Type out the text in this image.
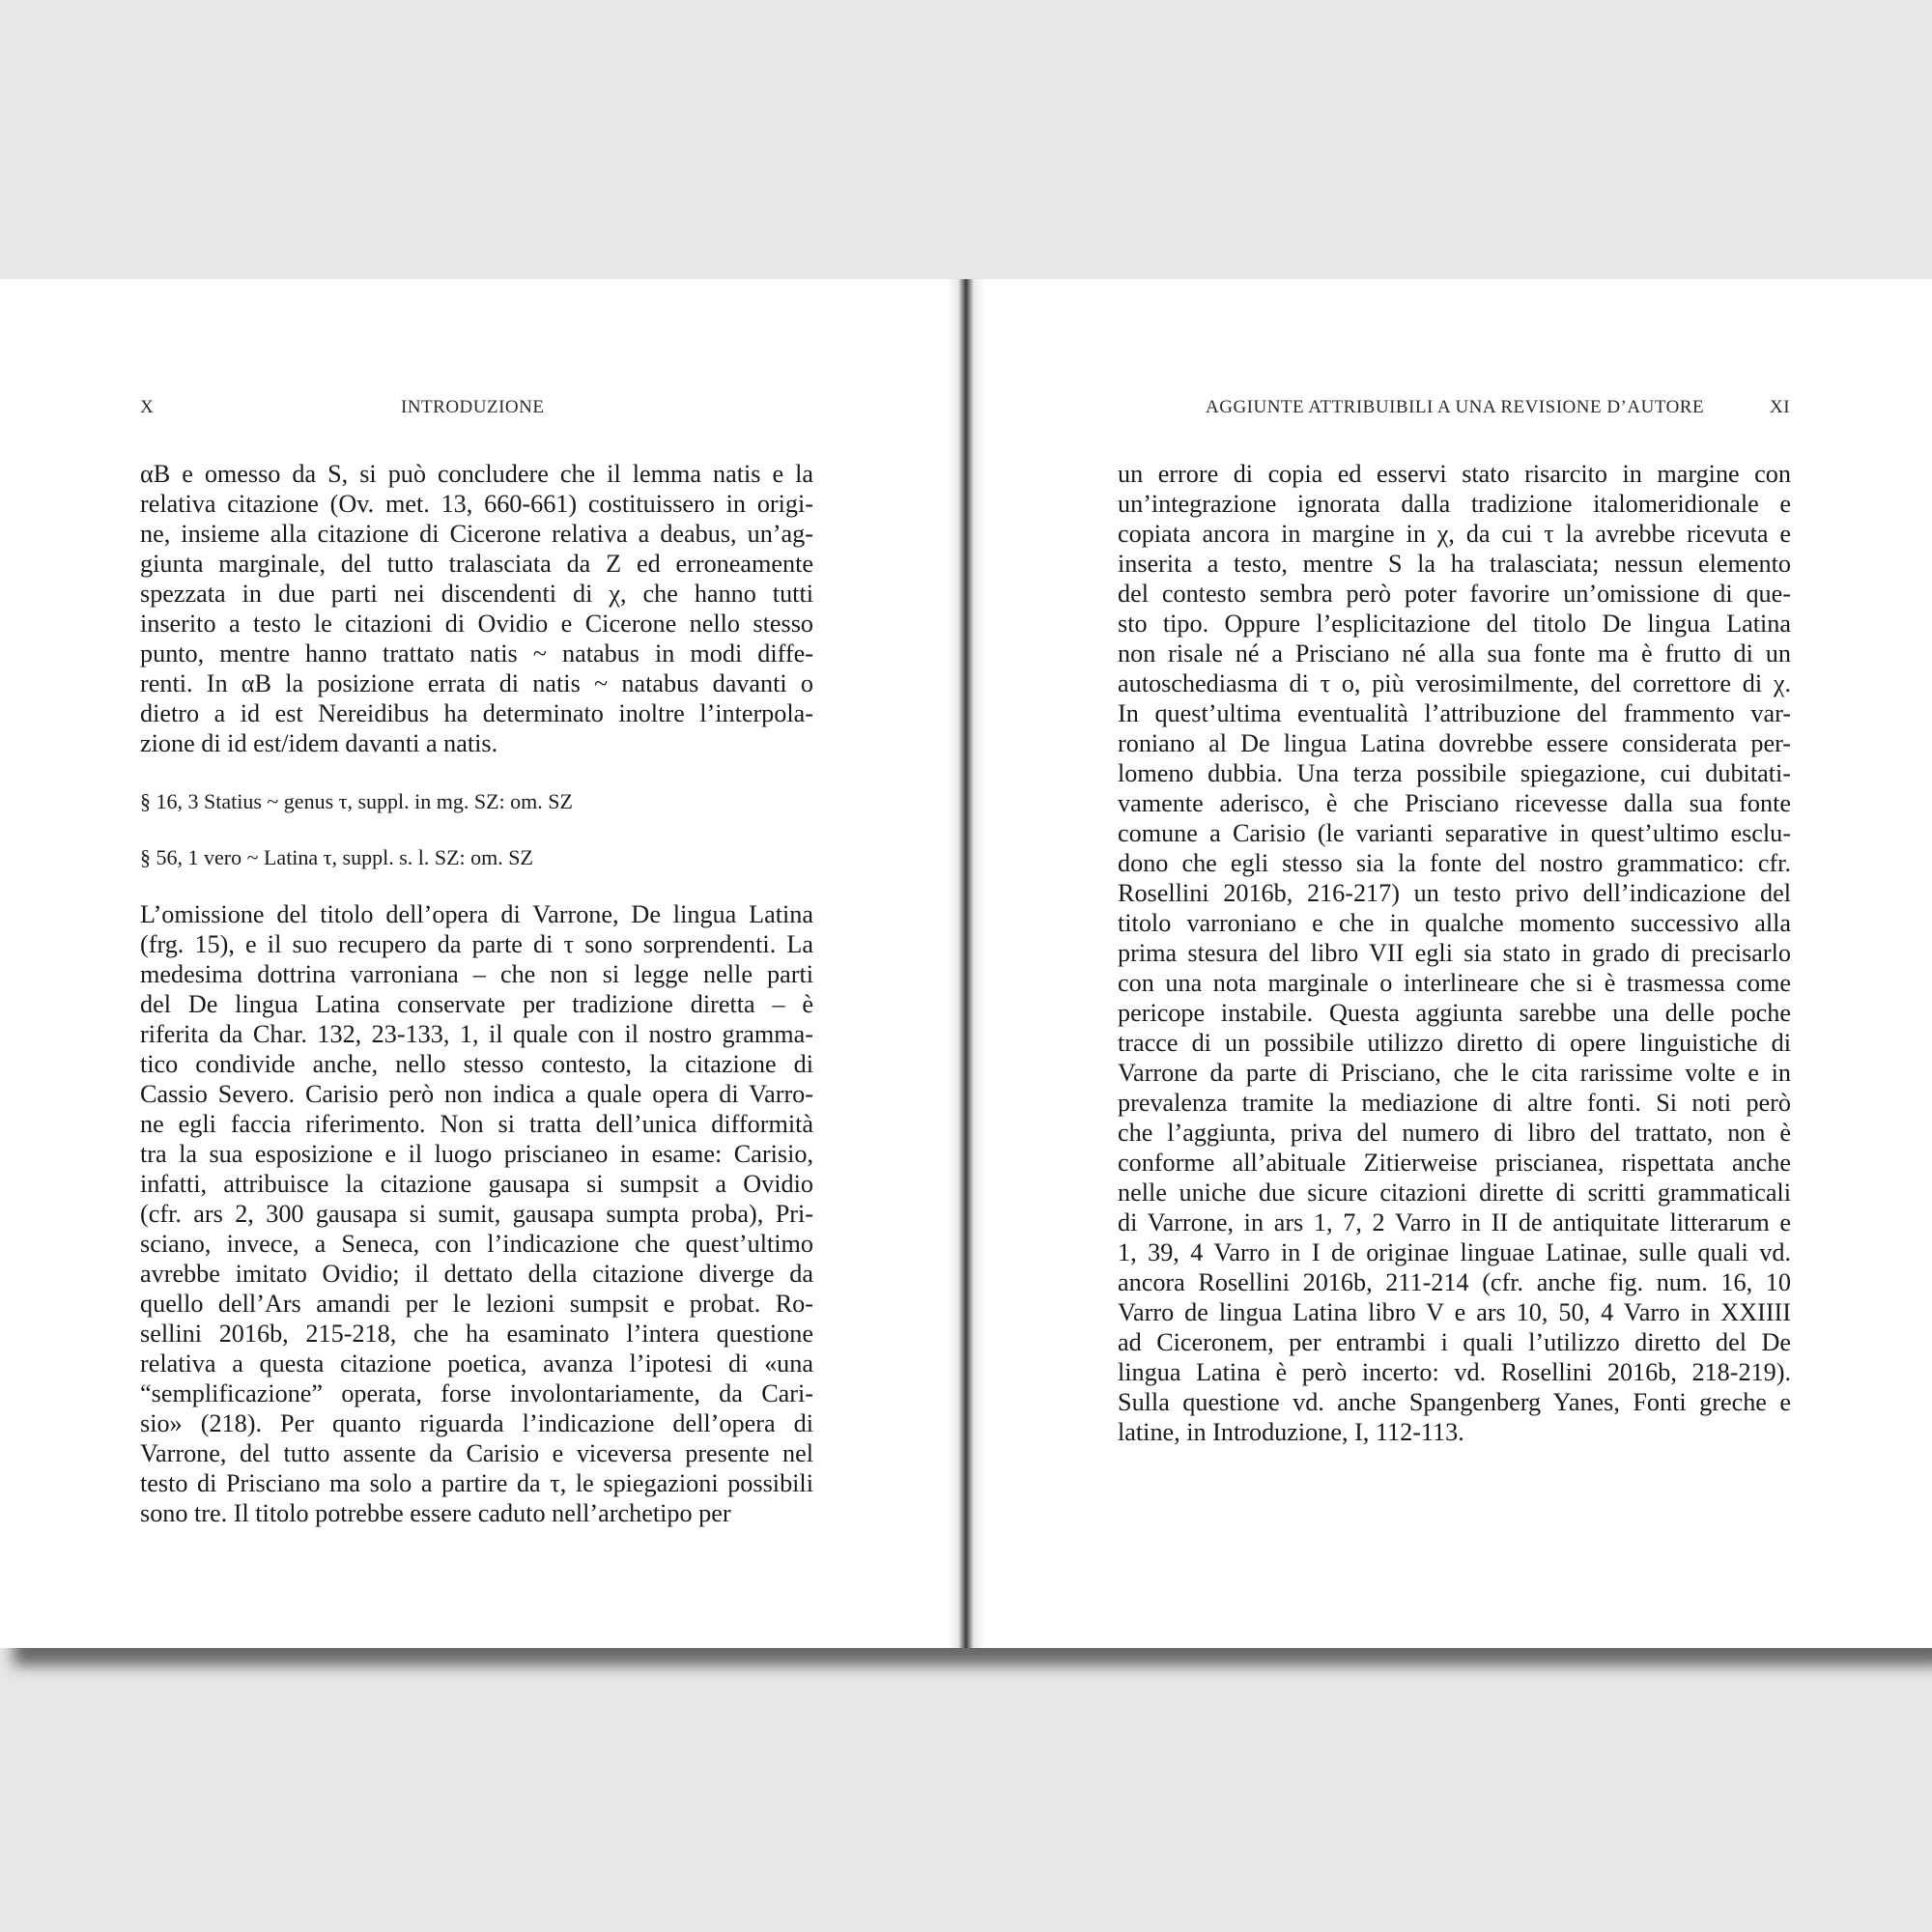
X	INTRODUZIONE
αB e omesso da S, si può concludere che il lemma natis e la
relativa citazione (Ov. met. 13, 660-661) costituissero in origi-
ne, insieme alla citazione di Cicerone relativa a deabus, un’ag-
giunta marginale, del tutto tralasciata da Z ed erroneamente
spezzata in due parti nei discendenti di χ, che hanno tutti
inserito a testo le citazioni di Ovidio e Cicerone nello stesso
punto, mentre hanno trattato natis ~ natabus in modi diffe-
renti. In αB la posizione errata di natis ~ natabus davanti o
dietro a id est Nereidibus ha determinato inoltre l’interpola-
zione di id est/idem davanti a natis.
§ 16, 3 Statius ~ genus τ, suppl. in mg. SZ: om. SZ
§ 56, 1 vero ~ Latina τ, suppl. s. l. SZ: om. SZ
L’omissione del titolo dell’opera di Varrone, De lingua Latina
(frg. 15), e il suo recupero da parte di τ sono sorprendenti. La
medesima dottrina varroniana – che non si legge nelle parti
del De lingua Latina conservate per tradizione diretta – è
riferita da Char. 132, 23-133, 1, il quale con il nostro gramma-
tico condivide anche, nello stesso contesto, la citazione di
Cassio Severo. Carisio però non indica a quale opera di Varro-
ne egli faccia riferimento. Non si tratta dell’unica difformità
tra la sua esposizione e il luogo priscianeo in esame: Carisio,
infatti, attribuisce la citazione gausapa si sumpsit a Ovidio
(cfr. ars 2, 300 gausapa si sumit, gausapa sumpta proba), Pri-
sciano, invece, a Seneca, con l’indicazione che quest’ultimo
avrebbe imitato Ovidio; il dettato della citazione diverge da
quello dell’Ars amandi per le lezioni sumpsit e probat. Ro-
sellini 2016b, 215-218, che ha esaminato l’intera questione
relativa a questa citazione poetica, avanza l’ipotesi di «una
“semplificazione” operata, forse involontariamente, da Cari-
sio» (218). Per quanto riguarda l’indicazione dell’opera di
Varrone, del tutto assente da Carisio e viceversa presente nel
testo di Prisciano ma solo a partire da τ, le spiegazioni possibili
sono tre. Il titolo potrebbe essere caduto nell’archetipo per
AGGIUNTE ATTRIBUIBILI A UNA REVISIONE D’AUTORE	XI
un errore di copia ed esservi stato risarcito in margine con
un’integrazione ignorata dalla tradizione italomeridionale e
copiata ancora in margine in χ, da cui τ la avrebbe ricevuta e
inserita a testo, mentre S la ha tralasciata; nessun elemento
del contesto sembra però poter favorire un’omissione di que-
sto tipo. Oppure l’esplicitazione del titolo De lingua Latina
non risale né a Prisciano né alla sua fonte ma è frutto di un
autoschediasma di τ o, più verosimilmente, del correttore di χ.
In quest’ultima eventualità l’attribuzione del frammento var-
roniano al De lingua Latina dovrebbe essere considerata per-
lomeno dubbia. Una terza possibile spiegazione, cui dubitati-
vamente aderisco, è che Prisciano ricevesse dalla sua fonte
comune a Carisio (le varianti separative in quest’ultimo esclu-
dono che egli stesso sia la fonte del nostro grammatico: cfr.
Rosellini 2016b, 216-217) un testo privo dell’indicazione del
titolo varroniano e che in qualche momento successivo alla
prima stesura del libro VII egli sia stato in grado di precisarlo
con una nota marginale o interlineare che si è trasmessa come
pericope instabile. Questa aggiunta sarebbe una delle poche
tracce di un possibile utilizzo diretto di opere linguistiche di
Varrone da parte di Prisciano, che le cita rarissime volte e in
prevalenza tramite la mediazione di altre fonti. Si noti però
che l’aggiunta, priva del numero di libro del trattato, non è
conforme all’abituale Zitierweise priscianea, rispettata anche
nelle uniche due sicure citazioni dirette di scritti grammaticali
di Varrone, in ars 1, 7, 2 Varro in II de antiquitate litterarum e
1, 39, 4 Varro in I de originae linguae Latinae, sulle quali vd.
ancora Rosellini 2016b, 211-214 (cfr. anche fig. num. 16, 10
Varro de lingua Latina libro V e ars 10, 50, 4 Varro in XXIIII
ad Ciceronem, per entrambi i quali l’utilizzo diretto del De
lingua Latina è però incerto: vd. Rosellini 2016b, 218-219).
Sulla questione vd. anche Spangenberg Yanes, Fonti greche e
latine, in Introduzione, I, 112-113.
